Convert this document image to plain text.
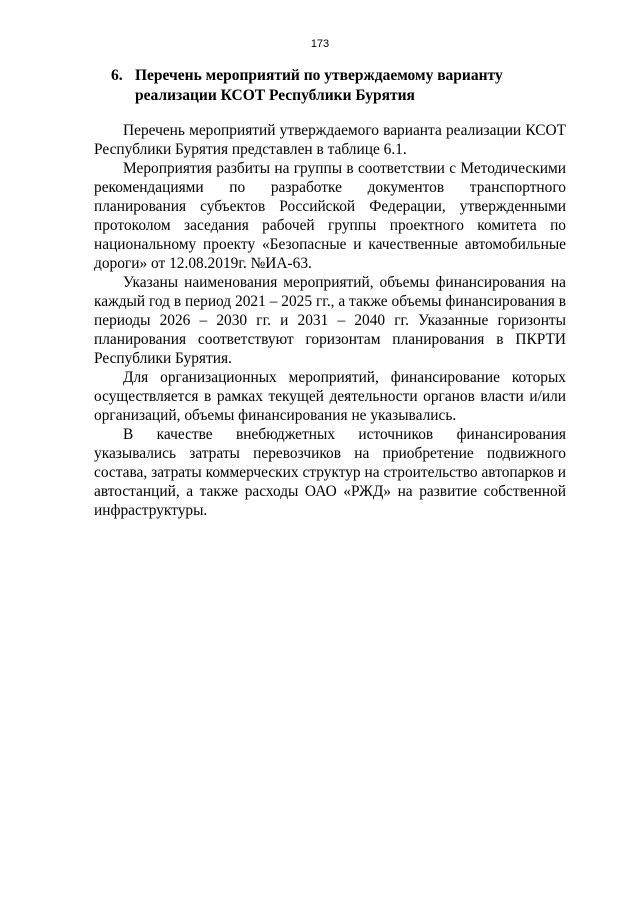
173
6. Перечень мероприятий по утверждаемому варианту реализации КСОТ Республики Бурятия

Перечень мероприятий утверждаемого варианта реализации КСОТ Республики Бурятия представлен в таблице 6.1.

Мероприятия разбиты на группы в соответствии с Методическими рекомендациями по разработке документов транспортного планирования субъектов Российской Федерации, утвержденными протоколом заседания рабочей группы проектного комитета по национальному проекту «Безопасные и качественные автомобильные дороги» от 12.08.2019г. №ИА-63.

Указаны наименования мероприятий, объемы финансирования на каждый год в период 2021 – 2025 гг., а также объемы финансирования в периоды 2026 – 2030 гг. и 2031 – 2040 гг. Указанные горизонты планирования соответствуют горизонтам планирования в ПКРТИ Республики Бурятия.

Для организационных мероприятий, финансирование которых осуществляется в рамках текущей деятельности органов власти и/или организаций, объемы финансирования не указывались.

В качестве внебюджетных источников финансирования указывались затраты перевозчиков на приобретение подвижного состава, затраты коммерческих структур на строительство автопарков и автостанций, а также расходы ОАО «РЖД» на развитие собственной инфраструктуры.
